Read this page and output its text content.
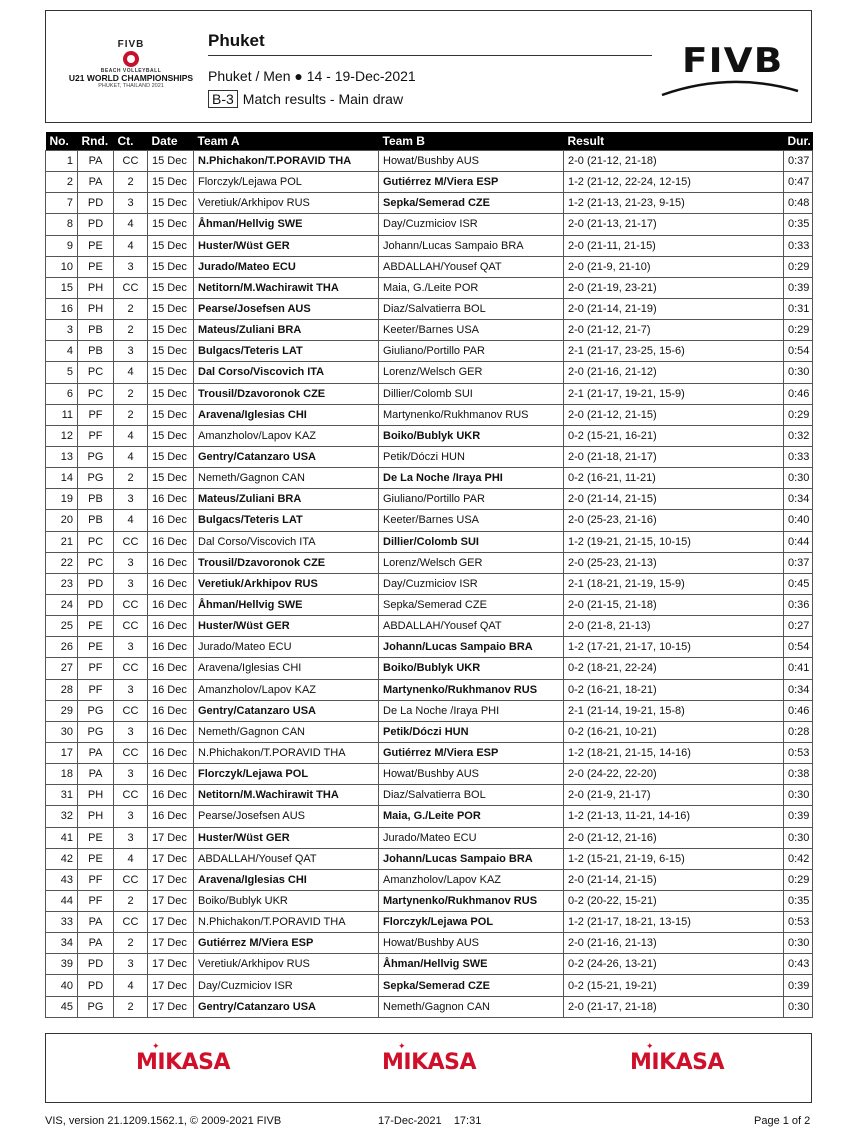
FIVB
BEACH VOLLEYBALL
U21 WORLD CHAMPIONSHIPS
PHUKET, THAILAND 2021
Phuket
Phuket / Men ● 14 - 19-Dec-2021
B-3 Match results - Main draw
FIVB
No.	Rnd.	Ct.	Date	Team A	Team B	Result	Dur.
1	PA	CC	15 Dec	N.Phichakon/T.PORAVID THA	Howat/Bushby AUS	2-0 (21-12, 21-18)	0:37
2	PA	2	15 Dec	Florczyk/Lejawa POL	Gutiérrez M/Viera ESP	1-2 (21-12, 22-24, 12-15)	0:47
7	PD	3	15 Dec	Veretiuk/Arkhipov RUS	Sepka/Semerad CZE	1-2 (21-13, 21-23, 9-15)	0:48
8	PD	4	15 Dec	Åhman/Hellvig SWE	Day/Cuzmiciov ISR	2-0 (21-13, 21-17)	0:35
9	PE	4	15 Dec	Huster/Wüst GER	Johann/Lucas Sampaio BRA	2-0 (21-11, 21-15)	0:33
10	PE	3	15 Dec	Jurado/Mateo ECU	ABDALLAH/Yousef QAT	2-0 (21-9, 21-10)	0:29
15	PH	CC	15 Dec	Netitorn/M.Wachirawit THA	Maia, G./Leite POR	2-0 (21-19, 23-21)	0:39
16	PH	2	15 Dec	Pearse/Josefsen AUS	Diaz/Salvatierra BOL	2-0 (21-14, 21-19)	0:31
3	PB	2	15 Dec	Mateus/Zuliani BRA	Keeter/Barnes USA	2-0 (21-12, 21-7)	0:29
4	PB	3	15 Dec	Bulgacs/Teteris LAT	Giuliano/Portillo PAR	2-1 (21-17, 23-25, 15-6)	0:54
5	PC	4	15 Dec	Dal Corso/Viscovich ITA	Lorenz/Welsch GER	2-0 (21-16, 21-12)	0:30
6	PC	2	15 Dec	Trousil/Dzavoronok CZE	Dillier/Colomb SUI	2-1 (21-17, 19-21, 15-9)	0:46
11	PF	2	15 Dec	Aravena/Iglesias CHI	Martynenko/Rukhmanov RUS	2-0 (21-12, 21-15)	0:29
12	PF	4	15 Dec	Amanzholov/Lapov KAZ	Boiko/Bublyk UKR	0-2 (15-21, 16-21)	0:32
13	PG	4	15 Dec	Gentry/Catanzaro USA	Petik/Dóczi HUN	2-0 (21-18, 21-17)	0:33
14	PG	2	15 Dec	Nemeth/Gagnon CAN	De La Noche /Iraya PHI	0-2 (16-21, 11-21)	0:30
19	PB	3	16 Dec	Mateus/Zuliani BRA	Giuliano/Portillo PAR	2-0 (21-14, 21-15)	0:34
20	PB	4	16 Dec	Bulgacs/Teteris LAT	Keeter/Barnes USA	2-0 (25-23, 21-16)	0:40
21	PC	CC	16 Dec	Dal Corso/Viscovich ITA	Dillier/Colomb SUI	1-2 (19-21, 21-15, 10-15)	0:44
22	PC	3	16 Dec	Trousil/Dzavoronok CZE	Lorenz/Welsch GER	2-0 (25-23, 21-13)	0:37
23	PD	3	16 Dec	Veretiuk/Arkhipov RUS	Day/Cuzmiciov ISR	2-1 (18-21, 21-19, 15-9)	0:45
24	PD	CC	16 Dec	Åhman/Hellvig SWE	Sepka/Semerad CZE	2-0 (21-15, 21-18)	0:36
25	PE	CC	16 Dec	Huster/Wüst GER	ABDALLAH/Yousef QAT	2-0 (21-8, 21-13)	0:27
26	PE	3	16 Dec	Jurado/Mateo ECU	Johann/Lucas Sampaio BRA	1-2 (17-21, 21-17, 10-15)	0:54
27	PF	CC	16 Dec	Aravena/Iglesias CHI	Boiko/Bublyk UKR	0-2 (18-21, 22-24)	0:41
28	PF	3	16 Dec	Amanzholov/Lapov KAZ	Martynenko/Rukhmanov RUS	0-2 (16-21, 18-21)	0:34
29	PG	CC	16 Dec	Gentry/Catanzaro USA	De La Noche /Iraya PHI	2-1 (21-14, 19-21, 15-8)	0:46
30	PG	3	16 Dec	Nemeth/Gagnon CAN	Petik/Dóczi HUN	0-2 (16-21, 10-21)	0:28
17	PA	CC	16 Dec	N.Phichakon/T.PORAVID THA	Gutiérrez M/Viera ESP	1-2 (18-21, 21-15, 14-16)	0:53
18	PA	3	16 Dec	Florczyk/Lejawa POL	Howat/Bushby AUS	2-0 (24-22, 22-20)	0:38
31	PH	CC	16 Dec	Netitorn/M.Wachirawit THA	Diaz/Salvatierra BOL	2-0 (21-9, 21-17)	0:30
32	PH	3	16 Dec	Pearse/Josefsen AUS	Maia, G./Leite POR	1-2 (21-13, 11-21, 14-16)	0:39
41	PE	3	17 Dec	Huster/Wüst GER	Jurado/Mateo ECU	2-0 (21-12, 21-16)	0:30
42	PE	4	17 Dec	ABDALLAH/Yousef QAT	Johann/Lucas Sampaio BRA	1-2 (15-21, 21-19, 6-15)	0:42
43	PF	CC	17 Dec	Aravena/Iglesias CHI	Amanzholov/Lapov KAZ	2-0 (21-14, 21-15)	0:29
44	PF	2	17 Dec	Boiko/Bublyk UKR	Martynenko/Rukhmanov RUS	0-2 (20-22, 15-21)	0:35
33	PA	CC	17 Dec	N.Phichakon/T.PORAVID THA	Florczyk/Lejawa POL	1-2 (21-17, 18-21, 13-15)	0:53
34	PA	2	17 Dec	Gutiérrez M/Viera ESP	Howat/Bushby AUS	2-0 (21-16, 21-13)	0:30
39	PD	3	17 Dec	Veretiuk/Arkhipov RUS	Åhman/Hellvig SWE	0-2 (24-26, 13-21)	0:43
40	PD	4	17 Dec	Day/Cuzmiciov ISR	Sepka/Semerad CZE	0-2 (15-21, 19-21)	0:39
45	PG	2	17 Dec	Gentry/Catanzaro USA	Nemeth/Gagnon CAN	2-0 (21-17, 21-18)	0:30
✦
MIKASA
✦
MIKASA
✦
MIKASA
VIS, version 21.1209.1562.1, © 2009-2021 FIVB	17-Dec-2021    17:31	Page 1 of 2
